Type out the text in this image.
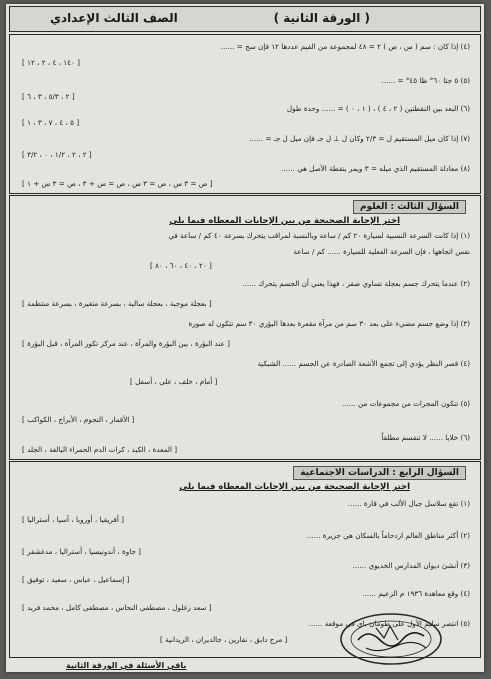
( الورقة الثانية )
الصف الثالث الإعدادي
(٤) إذا كان : سم ( س ، ص ) ٢ = ٤٨ لمجموعة من القيم عددها ١٢ فإن سح = ......
[ ١٤٠ ، ٤ ، ٢ ، ١٢ ]
(٥) ٥ جتا ٦٠° ظا ٤٥° = ......
[ ٢ ، ٥/٣ ، ٣ ، ٦ ]
(٦) البعد بين النقطتين ( ٢ ، ٤ ) ، ( ١ ، ٠ ) = ...... وحدة طول
[ ٥ ، ٤ ، ٧ ، ٣ ، ١ ]
(٧) إذا كان ميل المستقيم ل = ٢/٣ وكان ل ⊥ ل جـ فإن ميل ل جـ = ......
[ ٢ ، ٢ ، ١/٢ ، ٠ ، ٣/٢ ]
(٨) معادلة المستقيم الذي ميله = ٣ ويمر بنقطة الأصل هي ......
[ ص = ٣ س ، ص = ٣ س ، ص = س + ٣ ، ص = ٣ س + ١ ]
السؤال الثالث : العلوم
اختر الإجابة الصحيحة من بين الإجابات المعطاه فيما يلي
(١) إذا كانت السرعة النسبية لسيارة ٢٠ كم / ساعة وبالنسبة لمراقب يتحرك بسرعة ٤٠ كم / ساعة في
نفس اتجاهها ، فإن السرعة الفعلية للسيارة ...... كم / ساعة
[ ٢٠ ، ٤٠ ، ٦٠ ، ٨٠ ]
(٢) عندما يتحرك جسم بعجلة تساوي صفر ، فهذا يعني أن الجسم يتحرك ......
[ بعجلة موجبة ، بعجلة سالبة ، بسرعة متغيرة ، بسرعة منتظمة ]
(٣) إذا وضع جسم مضيء على بعد ٣٠ سم من مرآة مقعرة بعدها البؤري ٣٠ سم تتكون له صورة
[ عند البؤرة ، بين البؤرة والمرآة ، عند مركز تكور المرآة ، قبل البؤرة ]
(٤) قصر النظر يؤدي إلى تجمع الأشعة الصادرة عن الجسم ...... الشبكية
[ أمام ، خلف ، على ، أسفل ]
(٥) تتكون المجرات من مجموعات من ......
[ الأقمار ، النجوم ، الأبراج ، الكواكب ]
(٦) خلايا ...... لا تنقسم مطلقاً
[ المعدة ، الكبد ، كرات الدم الحمراء البالغة ، الجلد ]
السؤال الرابع : الدراسات الاجتماعية
اختر الإجابة الصحيحة من بين الإجابات المعطاه فيما يلي
(١) تقع سلاسل جبال الألب في قارة ......
[ أفريقيا ، أوروبا ، آسيا ، أستراليا ]
(٢) أكثر مناطق العالم ازدحاماً بالسكان هي جزيرة ......
[ جاوة ، أندونيسيا ، أستراليا ، مدغشقر ]
(٣) أنشئ ديوان المدارس الخديوي ......
[ إسماعيل ، عباس ، سعيد ، توفيق ]
(٤) وقع معاهدة ١٩٣٦ م الزعيم ......
[ سعد زغلول ، مصطفى النحاس ، مصطفى كامل ، محمد فريد ]
(٥) انتصر سليم الأول على طومان باي في موقعة ......
[ مرج دابق ، نقارين ، جالديران ، الريدانية ]
باقي الأسئلة في الورقة الثانية
